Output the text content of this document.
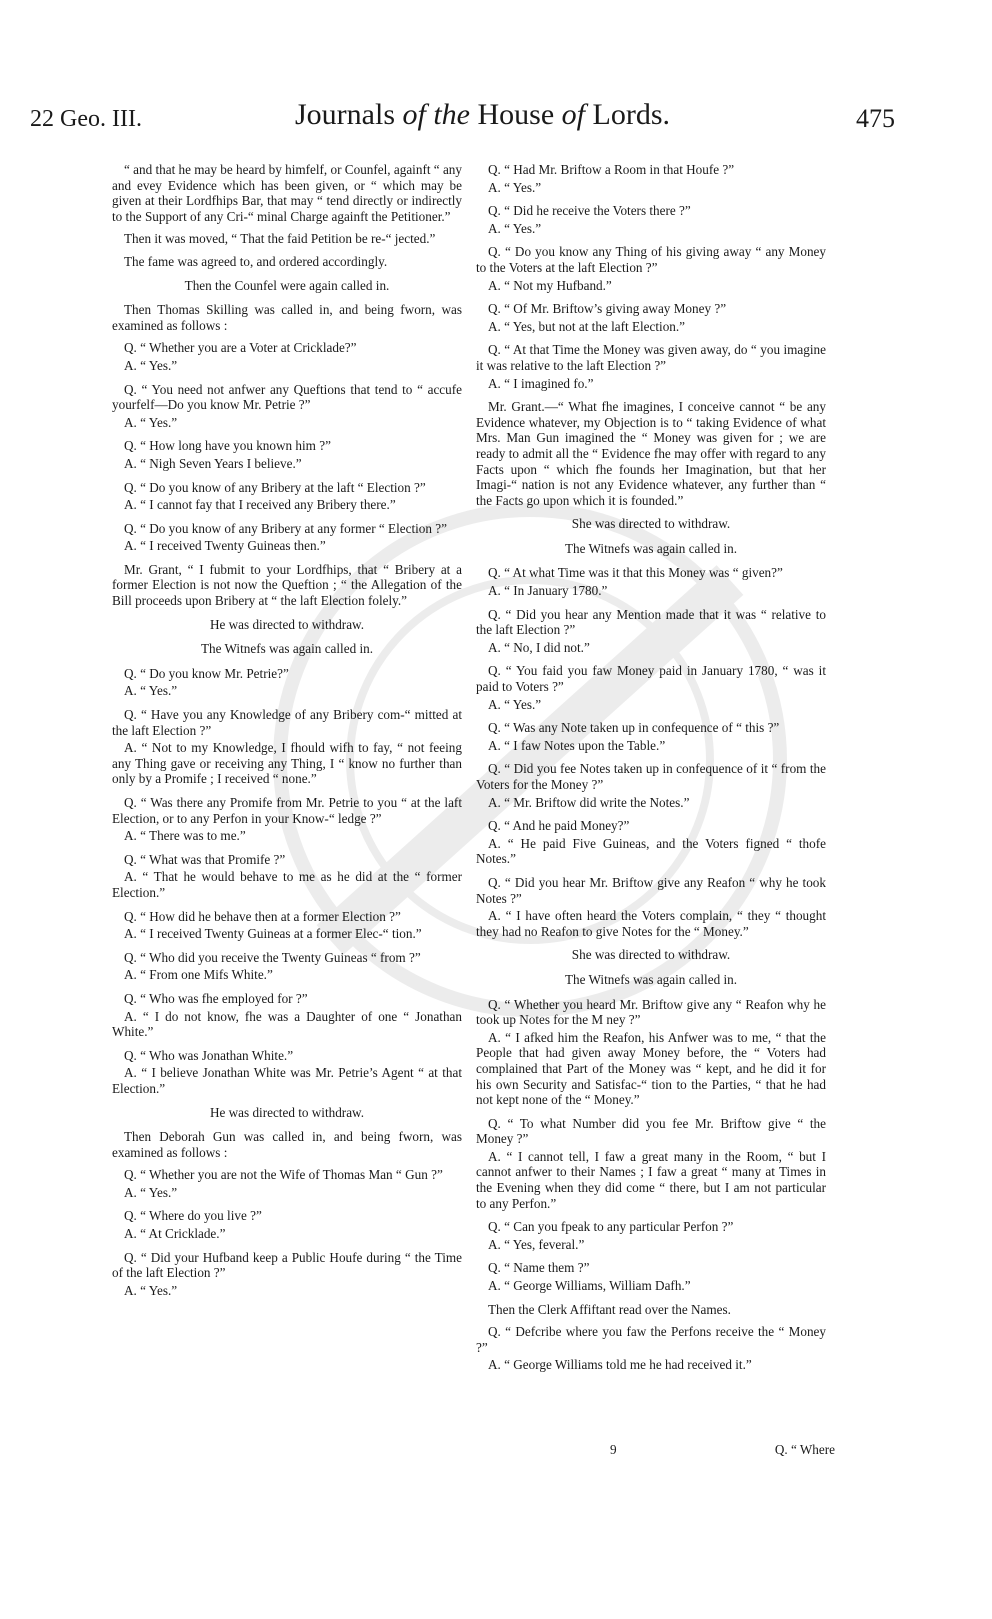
22 Geo. III.	Journals of the House of Lords.	475

“ and that he may be heard by himfelf, or Counfel, againft “ any and evey Evidence which has been given, or “ which may be given at their Lordfhips Bar, that may “ tend directly or indirectly to the Support of any Cri-“ minal Charge againft the Petitioner.”

Then it was moved, “ That the faid Petition be re-“ jected.”

The fame was agreed to, and ordered accordingly.

Then the Counfel were again called in.

Then Thomas Skilling was called in, and being fworn, was examined as follows :

Q. “ Whether you are a Voter at Cricklade?”

A. “ Yes.”

Q. “ You need not anfwer any Queftions that tend to “ accufe yourfelf—Do you know Mr. Petrie ?”

A. “ Yes.”

Q. “ How long have you known him ?”

A. “ Nigh Seven Years I believe.”

Q. “ Do you know of any Bribery at the laft “ Election ?”

A. “ I cannot fay that I received any Bribery there.”

Q. “ Do you know of any Bribery at any former “ Election ?”

A. “ I received Twenty Guineas then.”

Mr. Grant, “ I fubmit to your Lordfhips, that “ Bribery at a former Election is not now the Queftion ; “ the Allegation of the Bill proceeds upon Bribery at “ the laft Election folely.”

He was directed to withdraw.

The Witnefs was again called in.

Q. “ Do you know Mr. Petrie?”

A. “ Yes.”

Q. “ Have you any Knowledge of any Bribery com-“ mitted at the laft Election ?”

A. “ Not to my Knowledge, I fhould wifh to fay, “ not feeing any Thing gave or receiving any Thing, I “ know no further than only by a Promife ; I received “ none.”

Q. “ Was there any Promife from Mr. Petrie to you “ at the laft Election, or to any Perfon in your Know-“ ledge ?”

A. “ There was to me.”

Q. “ What was that Promife ?”

A. “ That he would behave to me as he did at the “ former Election.”

Q. “ How did he behave then at a former Election ?”

A. “ I received Twenty Guineas at a former Elec-“ tion.”

Q. “ Who did you receive the Twenty Guineas “ from ?”

A. “ From one Mifs White.”

Q. “ Who was fhe employed for ?”

A. “ I do not know, fhe was a Daughter of one “ Jonathan White.”

Q. “ Who was Jonathan White.”

A. “ I believe Jonathan White was Mr. Petrie’s Agent “ at that Election.”

He was directed to withdraw.

Then Deborah Gun was called in, and being fworn, was examined as follows :

Q. “ Whether you are not the Wife of Thomas Man “ Gun ?”

A. “ Yes.”

Q. “ Where do you live ?”

A. “ At Cricklade.”

Q. “ Did your Hufband keep a Public Houfe during “ the Time of the laft Election ?”

A. “ Yes.”

Q. “ Had Mr. Briftow a Room in that Houfe ?”

A. “ Yes.”

Q. “ Did he receive the Voters there ?”

A. “ Yes.”

Q. “ Do you know any Thing of his giving away “ any Money to the Voters at the laft Election ?”

A. “ Not my Hufband.”

Q. “ Of Mr. Briftow’s giving away Money ?”

A. “ Yes, but not at the laft Election.”

Q. “ At that Time the Money was given away, do “ you imagine it was relative to the laft Election ?”

A. “ I imagined fo.”

Mr. Grant.—“ What fhe imagines, I conceive cannot “ be any Evidence whatever, my Objection is to “ taking Evidence of what Mrs. Man Gun imagined the “ Money was given for ; we are ready to admit all the “ Evidence fhe may offer with regard to any Facts upon “ which fhe founds her Imagination, but that her Imagi-“ nation is not any Evidence whatever, any further than “ the Facts go upon which it is founded.”

She was directed to withdraw.

The Witnefs was again called in.

Q. “ At what Time was it that this Money was “ given?”

A. “ In January 1780.”

Q. “ Did you hear any Mention made that it was “ relative to the laft Election ?”

A. “ No, I did not.”

Q. “ You faid you faw Money paid in January 1780, “ was it paid to Voters ?”

A. “ Yes.”

Q. “ Was any Note taken up in confequence of “ this ?”

A. “ I faw Notes upon the Table.”

Q. “ Did you fee Notes taken up in confequence of it “ from the Voters for the Money ?”

A. “ Mr. Briftow did write the Notes.”

Q. “ And he paid Money?”

A. “ He paid Five Guineas, and the Voters figned “ thofe Notes.”

Q. “ Did you hear Mr. Briftow give any Reafon “ why he took Notes ?”

A. “ I have often heard the Voters complain, “ they “ thought they had no Reafon to give Notes for the “ Money.”

She was directed to withdraw.

The Witnefs was again called in.

Q. “ Whether you heard Mr. Briftow give any “ Reafon why he took up Notes for the M ney ?”

A. “ I afked him the Reafon, his Anfwer was to me, “ that the People that had given away Money before, the “ Voters had complained that Part of the Money was “ kept, and he did it for his own Security and Satisfac-“ tion to the Parties, “ that he had not kept none of the “ Money.”

Q. “ To what Number did you fee Mr. Briftow give “ the Money ?”

A. “ I cannot tell, I faw a great many in the Room, “ but I cannot anfwer to their Names ; I faw a great “ many at Times in the Evening when they did come “ there, but I am not particular to any Perfon.”

Q. “ Can you fpeak to any particular Perfon ?”

A. “ Yes, feveral.”

Q. “ Name them ?”

A. “ George Williams, William Dafh.”

Then the Clerk Affiftant read over the Names.

Q. “ Defcribe where you faw the Perfons receive the “ Money ?”

A. “ George Williams told me he had received it.”

9	Q. “ Where
